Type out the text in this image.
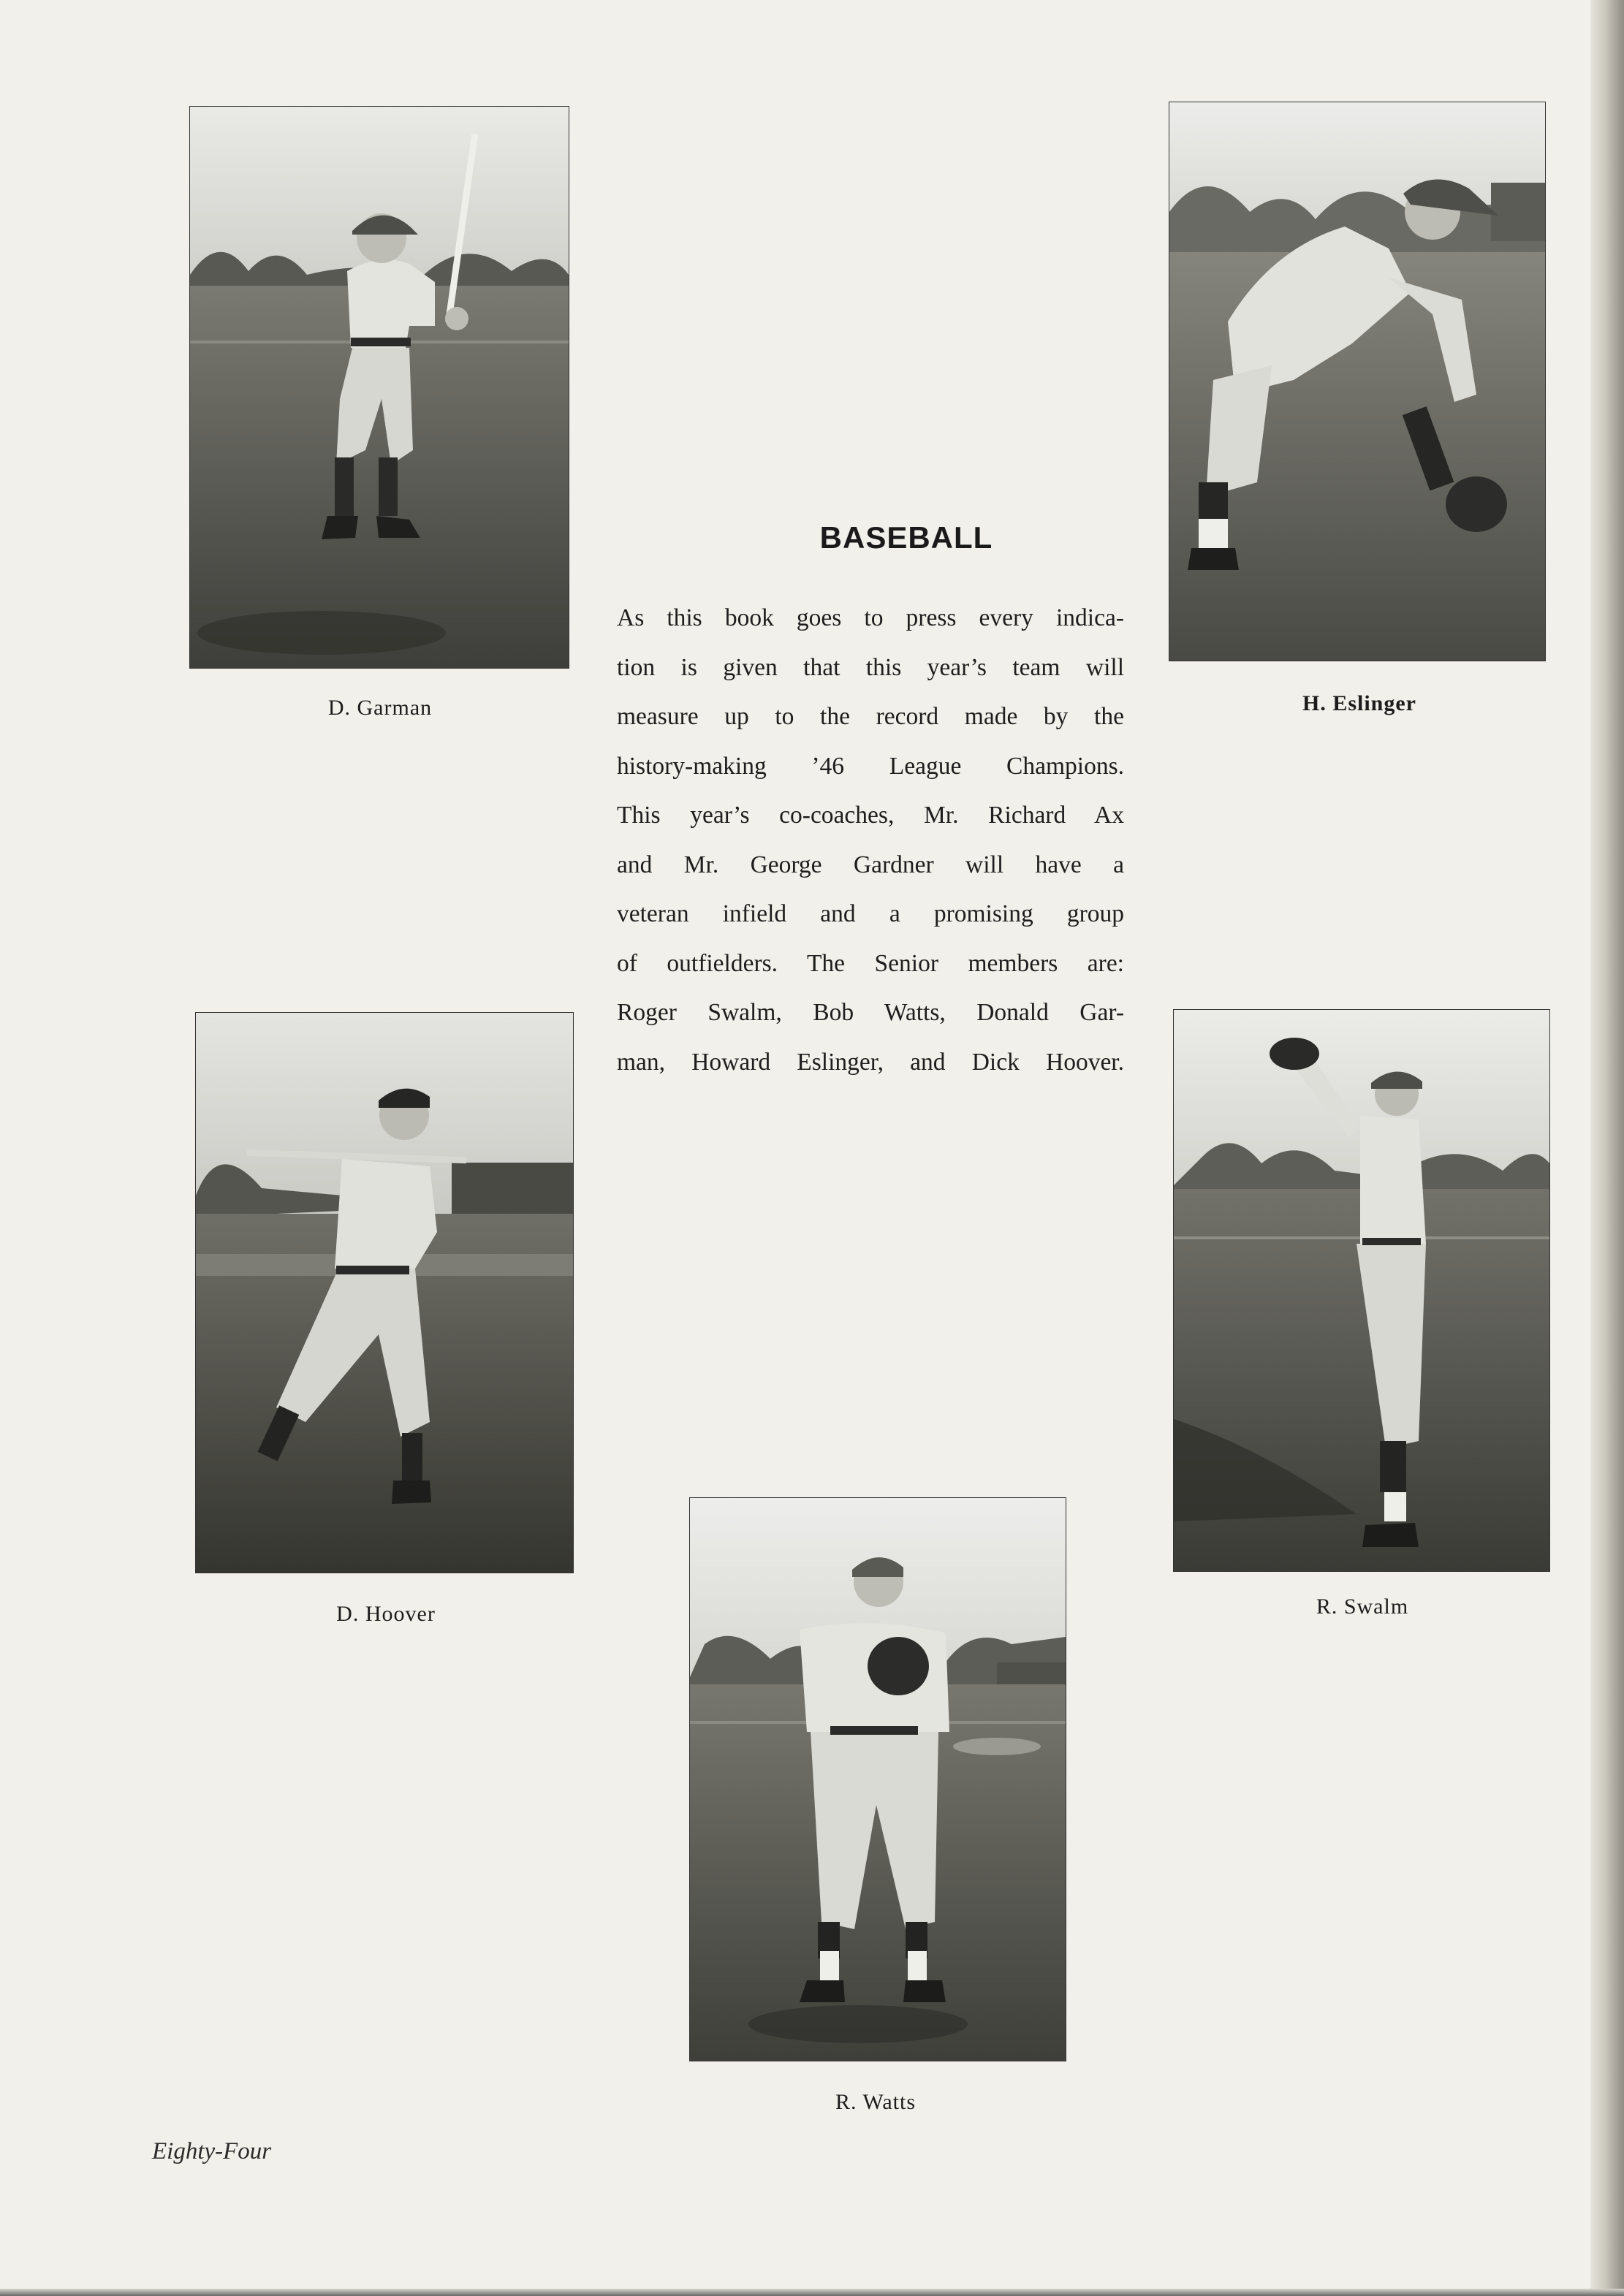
D. Garman	H. Eslinger
BASEBALL
As this book goes to press every indica-
tion is given that this year’s team will
measure up to the record made by the
history-making ’46 League Champions.
This year’s co-coaches, Mr. Richard Ax
and Mr. George Gardner will have a
veteran infield and a promising group
of outfielders. The Senior members are:
Roger Swalm, Bob Watts, Donald Gar-
man, Howard Eslinger, and Dick Hoover.
D. Hoover	R. Swalm
R. Watts
Eighty-Four
